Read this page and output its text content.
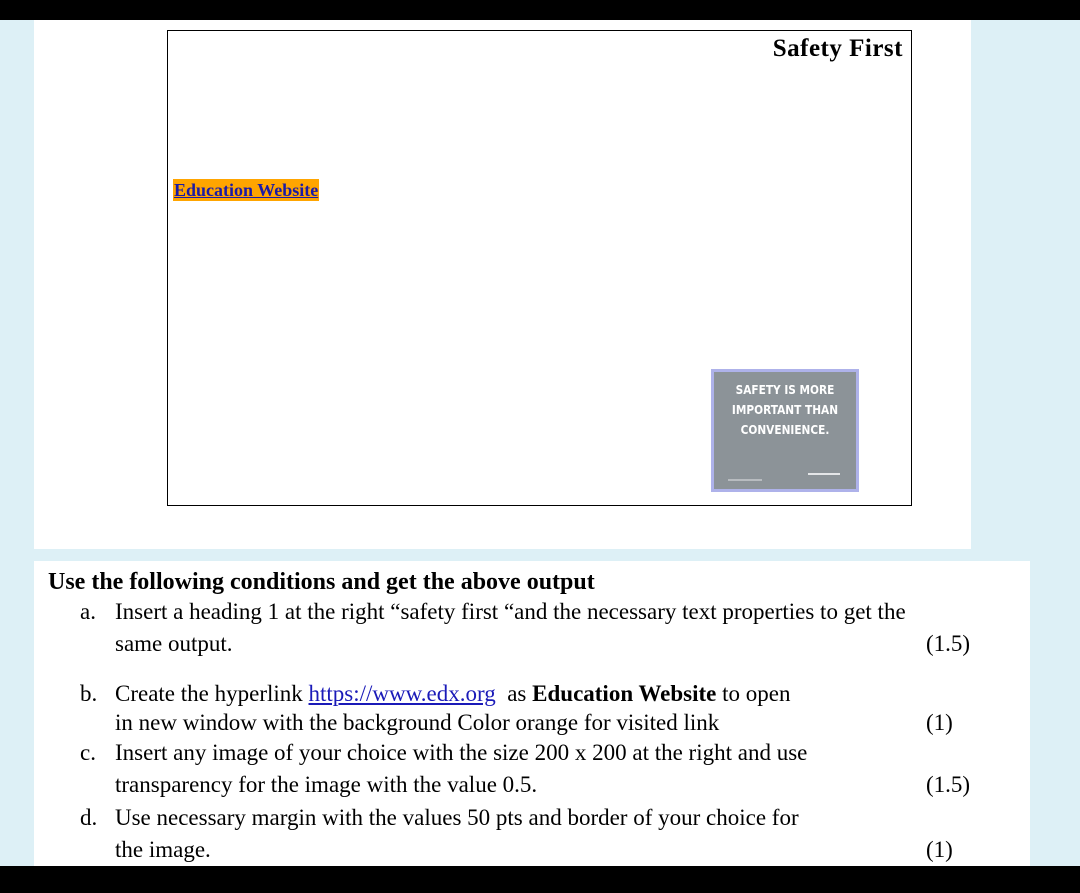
Safety First
Education Website
SAFETY IS MORE
IMPORTANT THAN
CONVENIENCE.
Use the following conditions and get the above output
a. Insert a heading 1 at the right “safety first “and the necessary text properties to get the
same output.	(1.5)
b. Create the hyperlink https://www.edx.org  as Education Website to open
in new window with the background Color orange for visited link	(1)
c. Insert any image of your choice with the size 200 x 200 at the right and use
transparency for the image with the value 0.5.	(1.5)
d. Use necessary margin with the values 50 pts and border of your choice for
the image.	(1)
